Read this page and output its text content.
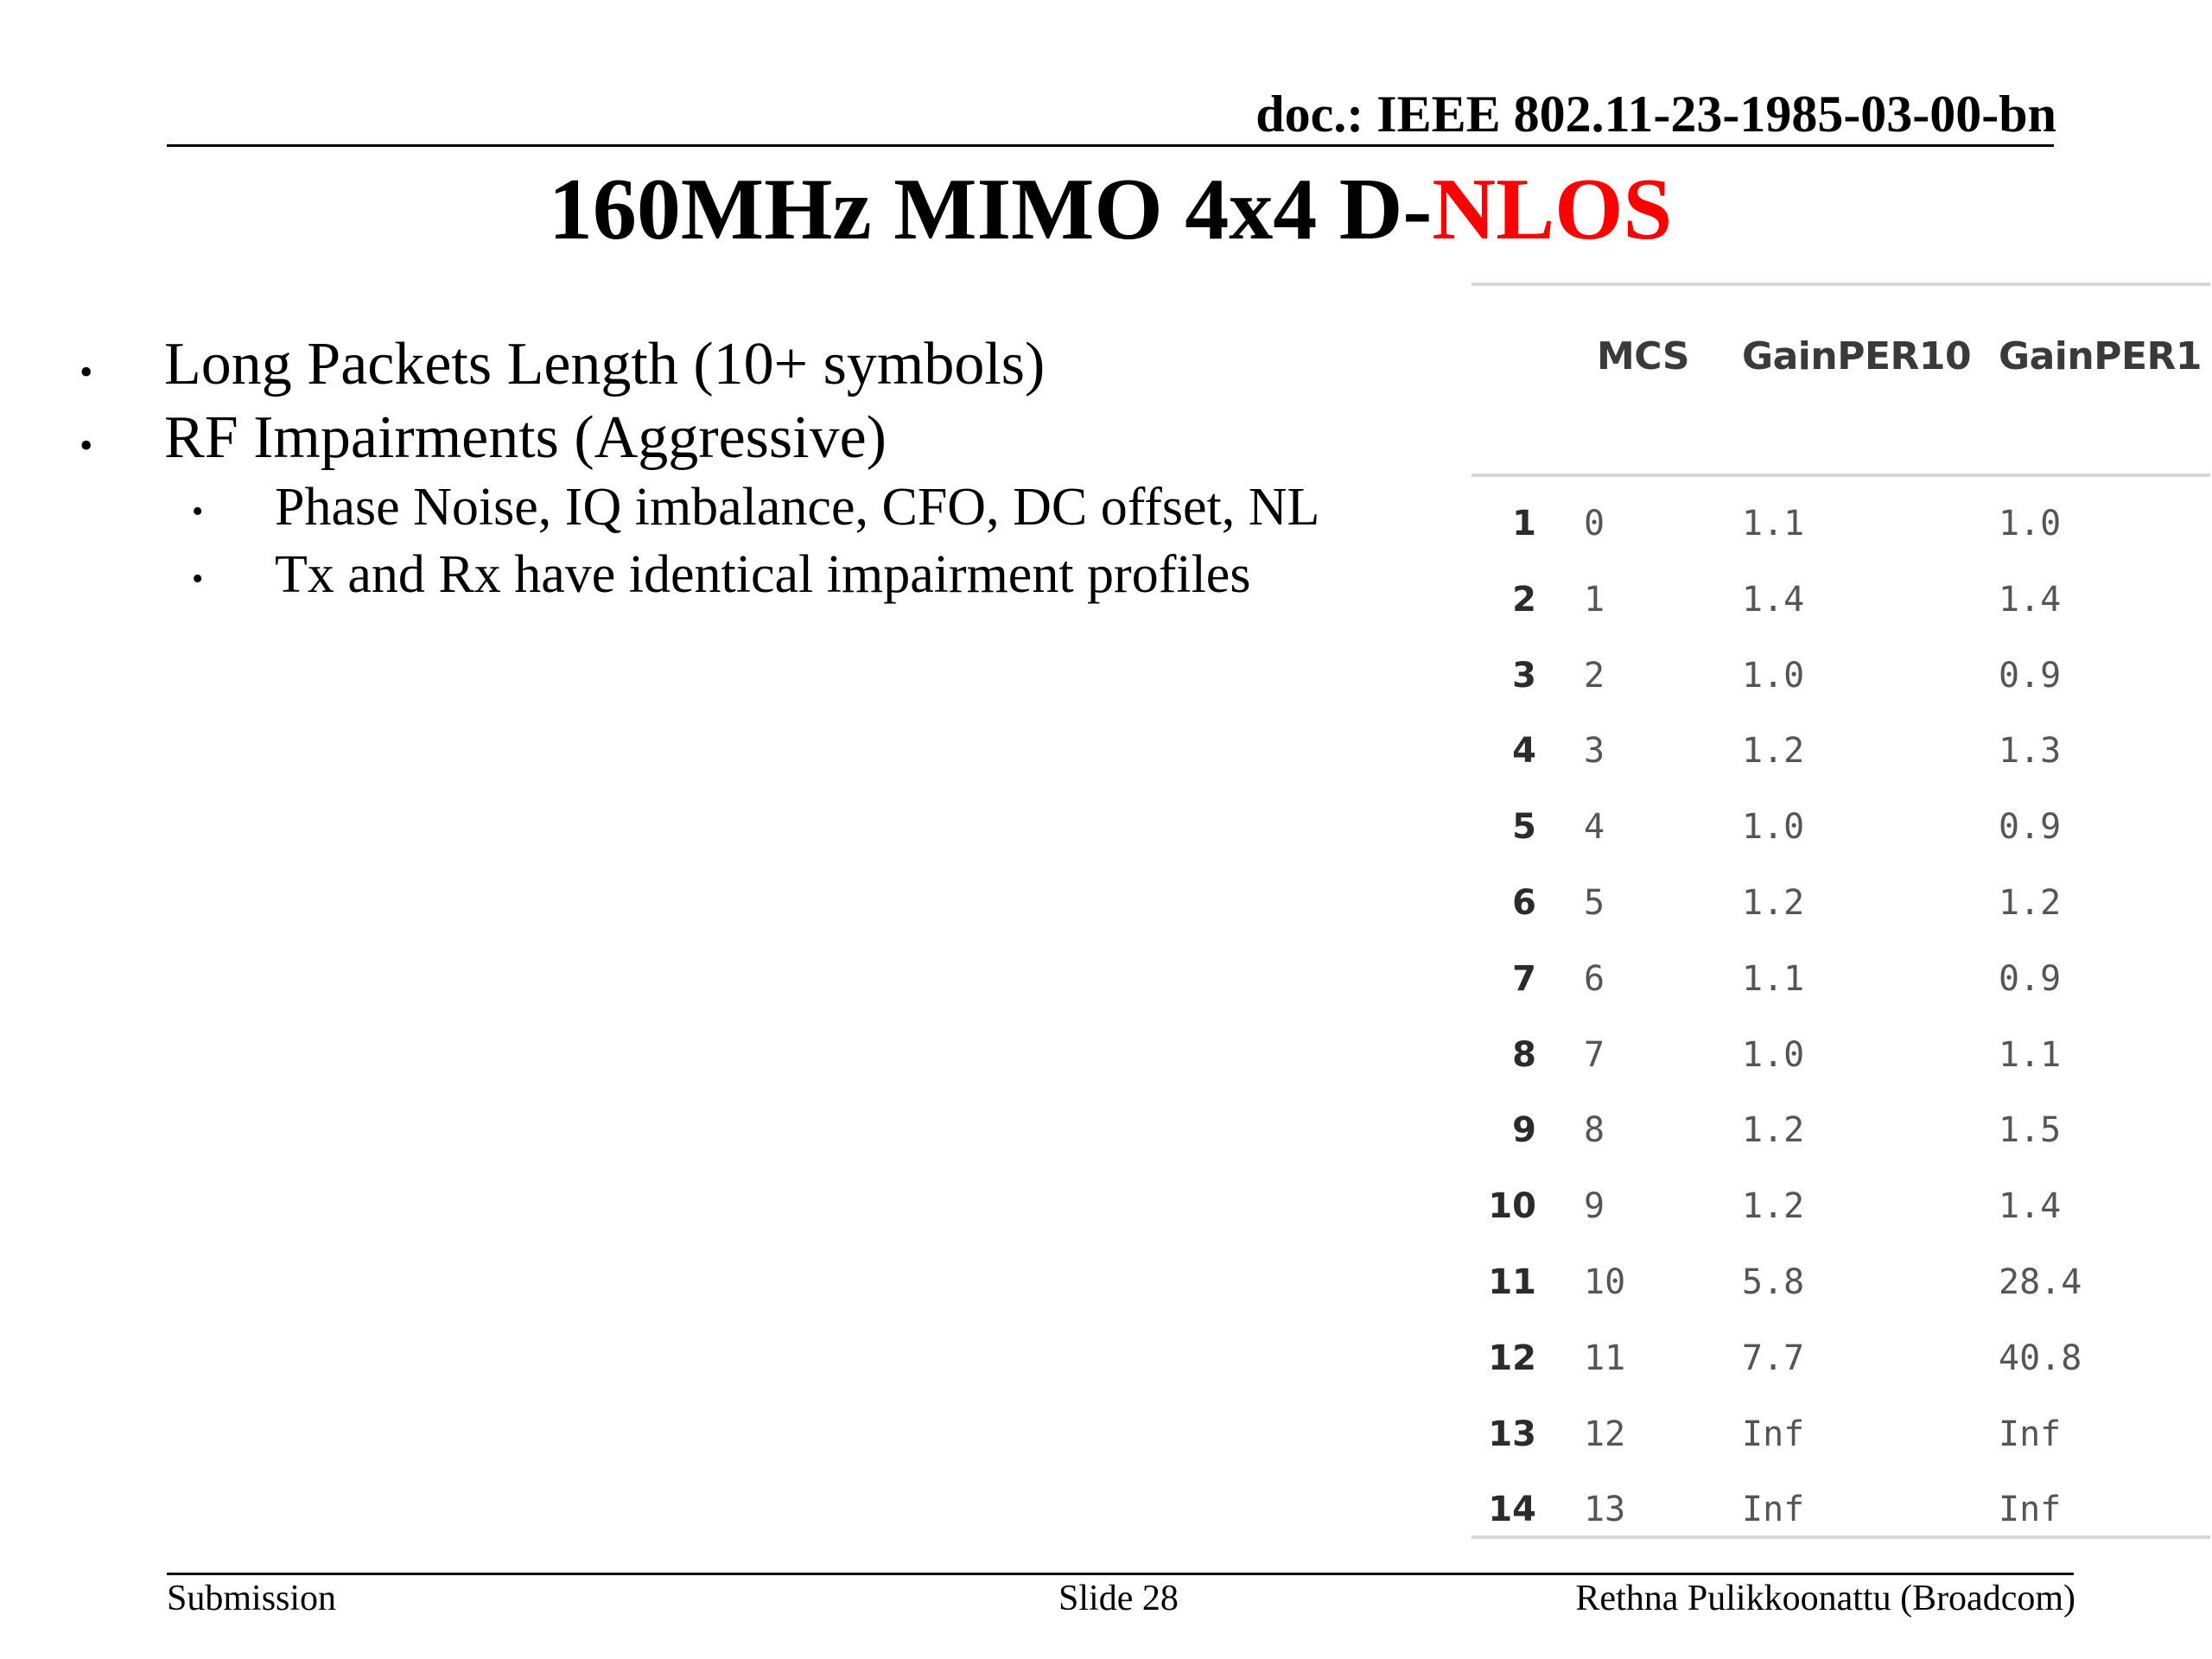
doc.: IEEE 802.11-23-1985-03-00-bn
160MHz MIMO 4x4 D-NLOS
• Long Packets Length (10+ symbols)
• RF Impairments (Aggressive)
• Phase Noise, IQ imbalance, CFO, DC offset, NL
• Tx and Rx have identical impairment profiles
MCS GainPER10 GainPER1
1 0	1.1	1.0
2 1	1.4	1.4
3 2	1.0	0.9
4 3	1.2	1.3
5 4	1.0	0.9
6 5	1.2	1.2
7 6	1.1	0.9
8 7	1.0	1.1
9 8	1.2	1.5
10 9	1.2	1.4
11 10	5.8	28.4
12 11	7.7	40.8
13 12	Inf	Inf
14 13	Inf	Inf
Submission	Slide 28	Rethna Pulikkoonattu (Broadcom)
